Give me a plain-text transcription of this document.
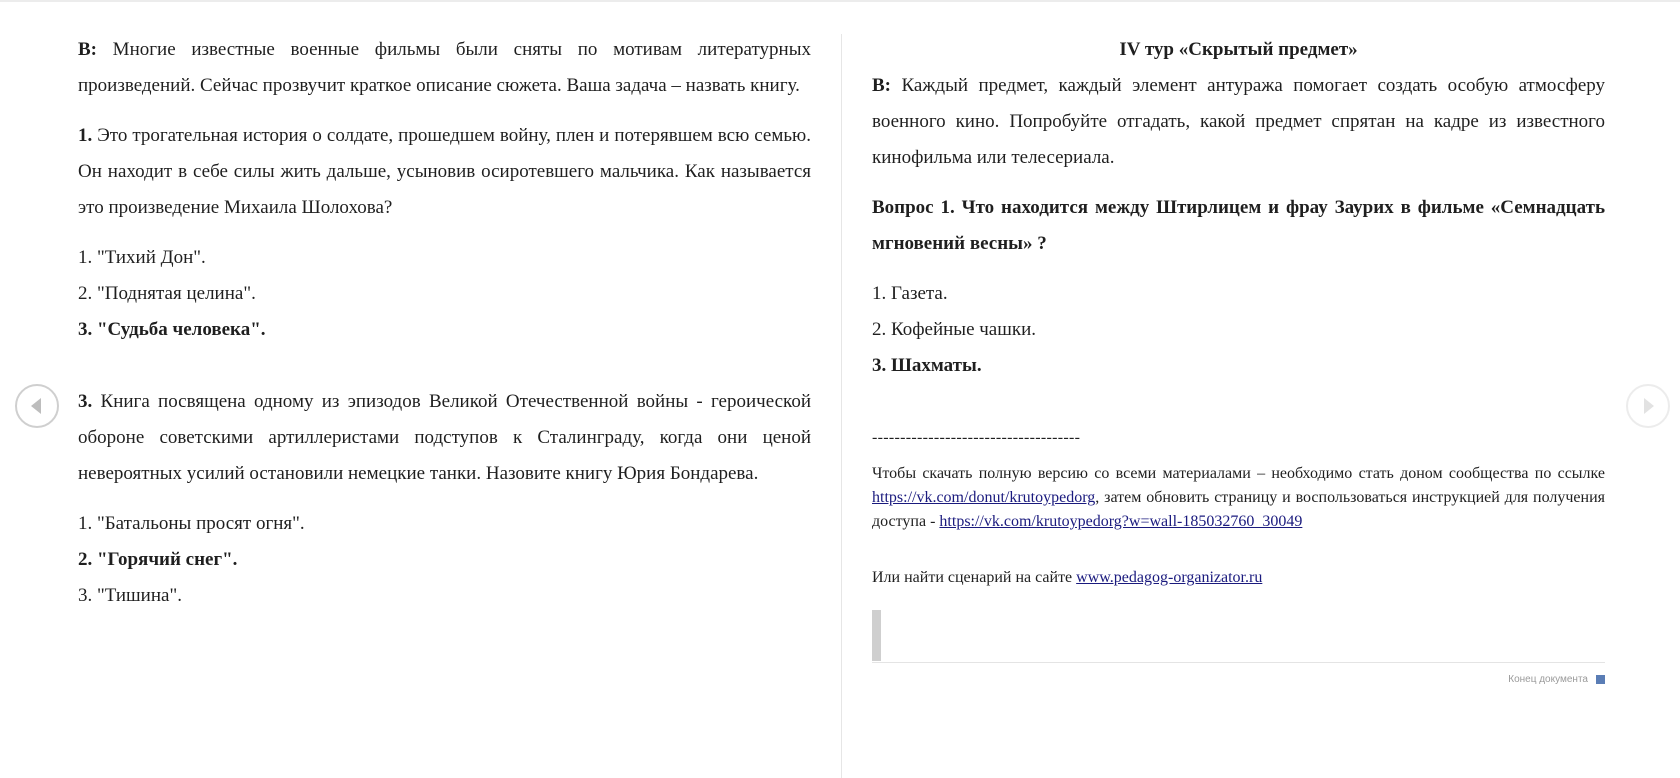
В: Многие известные военные фильмы были сняты по мотивам литературных произведений. Сейчас прозвучит краткое описание сюжета. Ваша задача – назвать книгу.

1. Это трогательная история о солдате, прошедшем войну, плен и потерявшем всю семью. Он находит в себе силы жить дальше, усыновив осиротевшего мальчика. Как называется это произведение Михаила Шолохова?

1. "Тихий Дон".
2. "Поднятая целина".
3. "Судьба человека".

3. Книга посвящена одному из эпизодов Великой Отечественной войны - героической обороне советскими артиллеристами подступов к Сталинграду, когда они ценой невероятных усилий остановили немецкие танки. Назовите книгу Юрия Бондарева.

1. "Батальоны просят огня".
2. "Горячий снег".
3. "Тишина".

IV тур «Скрытый предмет»

В: Каждый предмет, каждый элемент антуража помогает создать особую атмосферу военного кино. Попробуйте отгадать, какой предмет спрятан на кадре из известного кинофильма или телесериала.

Вопрос 1. Что находится между Штирлицем и фрау Заурих в фильме «Семнадцать мгновений весны» ?

1. Газета.
2. Кофейные чашки.
3. Шахматы.
-------------------------------------

Чтобы скачать полную версию со всеми материалами – необходимо стать доном сообщества по ссылке https://vk.com/donut/krutoypedorg, затем обновить страницу и воспользоваться инструкцией для получения доступа - https://vk.com/krutoypedorg?w=wall-185032760_30049

Или найти сценарий на сайте www.pedagog-organizator.ru

Конец документа
